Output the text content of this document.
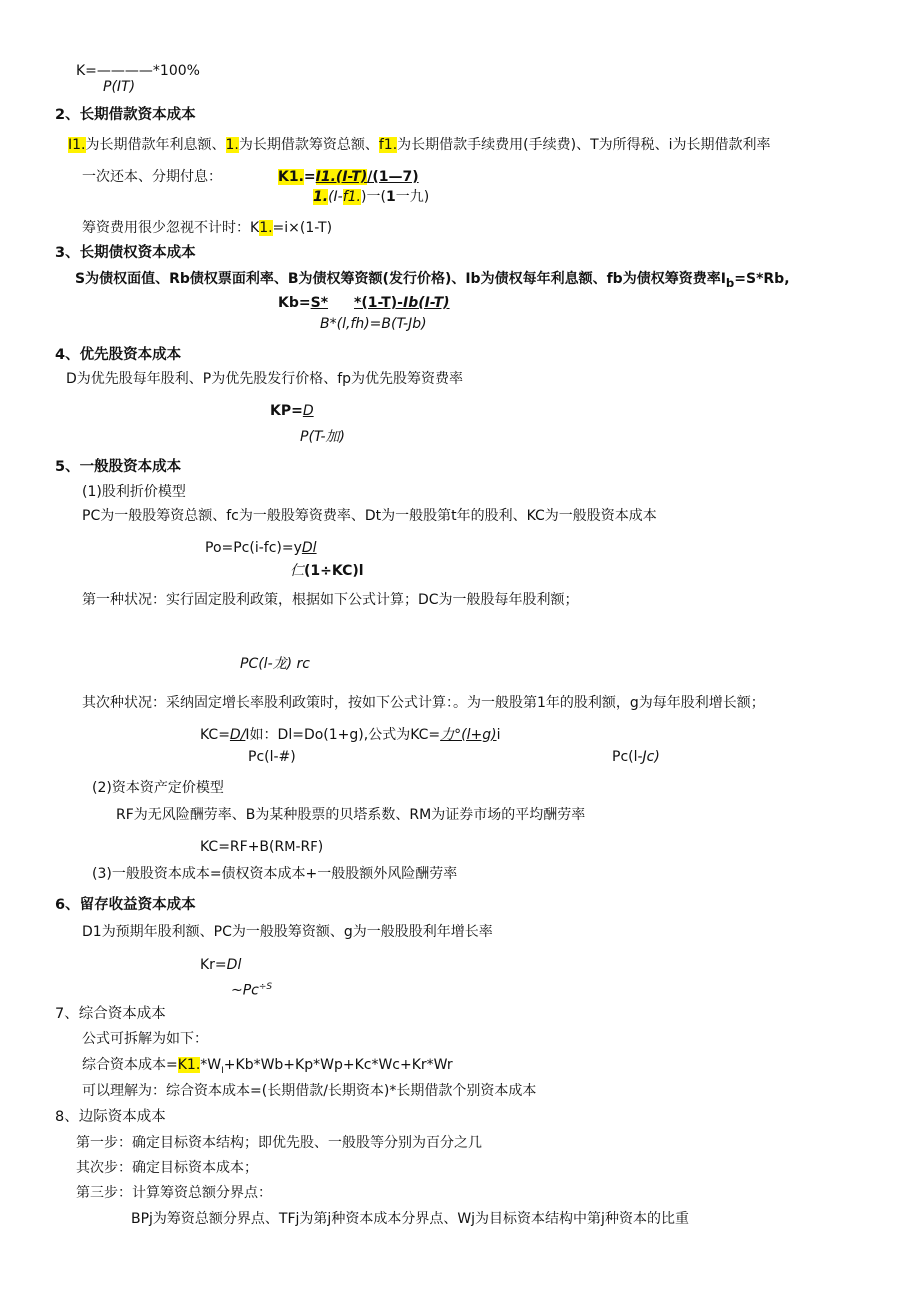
K=————*100%
P(IT)
2、长期借款资本成本
I1.为长期借款年利息额、1.为长期借款筹资总额、f1.为长期借款手续费用(手续费)、T为所得税、i为长期借款利率
一次还本、分期付息：	K1.=I1.(I-T)/(1—7)
1.(I-f1.)一(1一九)
筹资费用很少忽视不计时：K1.=i×(1-T)
3、长期债权资本成本
S为债权面值、Rb债权票面利率、B为债权筹资额(发行价格)、Ib为债权每年利息额、fb为债权筹资费率$I_b=S*Rb$,
Kb=S* *(1-T)-Ib(I-T)
B*(l,fh)=B(T-Jb)
4、优先股资本成本
D为优先股每年股利、P为优先股发行价格、fp为优先股筹资费率
KP=D
P(T-加)
5、一般股资本成本
(1)股利折价模型
PC为一般股筹资总额、fc为一般股筹资费率、Dt为一般股第t年的股利、KC为一般股资本成本
Po=Pc(i-fc)=yDl
仁(1÷KC)l
第一种状况：实行固定股利政策，根据如下公式计算；DC为一般股每年股利额；
PC(l-龙) rc
其次种状况：采纳固定增长率股利政策时，按如下公式计算：。为一般股第1年的股利额，g为每年股利增长额；
KC=D/I如：Dl=Do(1+g),公式为KC=力°(l+g)i
Pc(l-#)	Pc(l-Jc)
(2)资本资产定价模型
RF为无风险酬劳率、B为某种股票的贝塔系数、RM为证券市场的平均酬劳率
KC=RF+B(RM-RF)
(3)一般股资本成本=债权资本成本+一般股额外风险酬劳率
6、留存收益资本成本
D1为预期年股利额、PC为一般股筹资额、g为一般股股利年增长率
Kr=Dl
$\sim Pc^{\div S}$
7、综合资本成本
公式可拆解为如下：
综合资本成本$=K1.*W_I+Kb*Wb+Kp*Wp+Kc*Wc+Kr*Wr$
可以理解为：综合资本成本=(长期借款/长期资本)*长期借款个别资本成本
8、边际资本成本
第一步：确定目标资本结构；即优先股、一般股等分别为百分之几
其次步：确定目标资本成本；
第三步：计算筹资总额分界点：
BPj为筹资总额分界点、TFj为第j种资本成本分界点、Wj为目标资本结构中第j种资本的比重
